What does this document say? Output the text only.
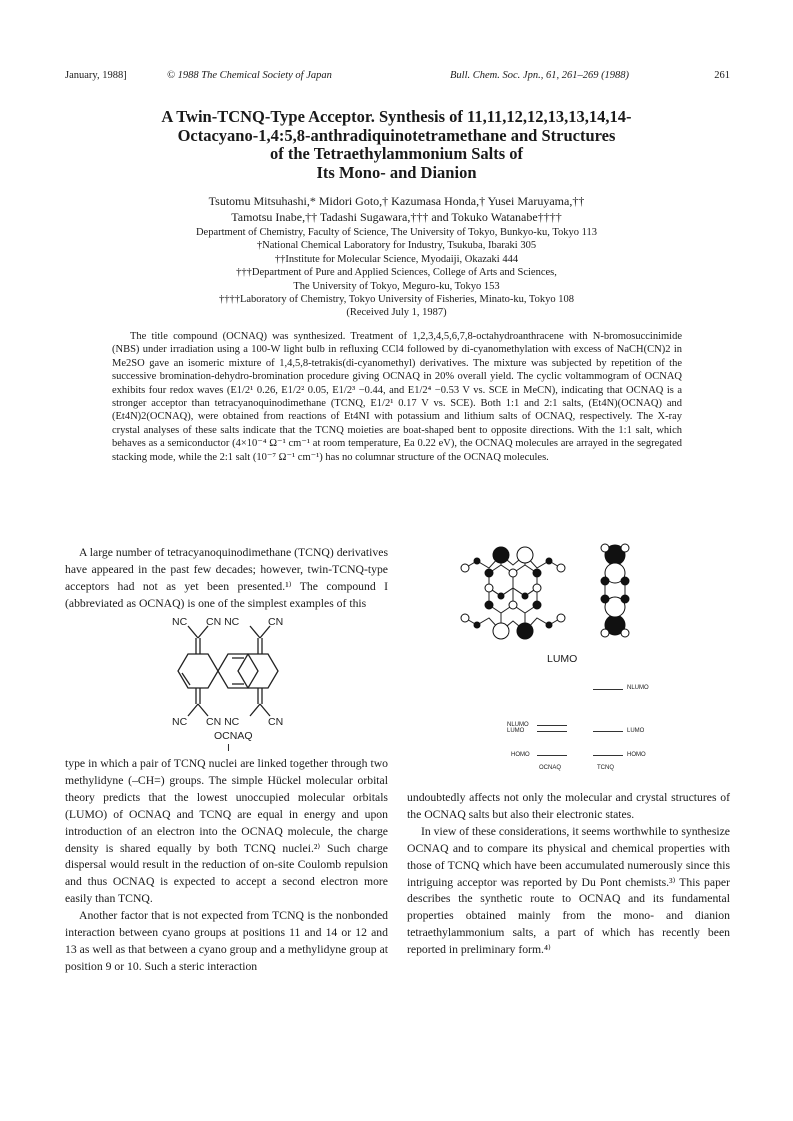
January, 1988]	© 1988 The Chemical Society of Japan	Bull. Chem. Soc. Jpn., 61, 261–269 (1988)	261
A Twin-TCNQ-Type Acceptor. Synthesis of 11,11,12,12,13,13,14,14-
Octacyano-1,4:5,8-anthradiquinotetramethane and Structures
of the Tetraethylammonium Salts of
Its Mono- and Dianion
Tsutomu Mitsuhashi,* Midori Goto,† Kazumasa Honda,† Yusei Maruyama,††
Tamotsu Inabe,†† Tadashi Sugawara,††† and Tokuko Watanabe††††
Department of Chemistry, Faculty of Science, The University of Tokyo, Bunkyo-ku, Tokyo 113
†National Chemical Laboratory for Industry, Tsukuba, Ibaraki 305
††Institute for Molecular Science, Myodaiji, Okazaki 444
†††Department of Pure and Applied Sciences, College of Arts and Sciences,
The University of Tokyo, Meguro-ku, Tokyo 153
††††Laboratory of Chemistry, Tokyo University of Fisheries, Minato-ku, Tokyo 108
(Received July 1, 1987)
The title compound (OCNAQ) was synthesized. Treatment of 1,2,3,4,5,6,7,8-octahydroanthracene with N-bromosuccinimide (NBS) under irradiation using a 100-W light bulb in refluxing CCl4 followed by di-cyanomethylation with excess of NaCH(CN)2 in Me2SO gave an isomeric mixture of 1,4,5,8-tetrakis(di-cyanomethyl) derivatives. The mixture was subjected by repetition of the successive bromination-dehydro-bromination procedure giving OCNAQ in 20% overall yield. The cyclic voltammogram of OCNAQ exhibits four redox waves (E1/2¹ 0.26, E1/2² 0.05, E1/2³ −0.44, and E1/2⁴ −0.53 V vs. SCE in MeCN), indicating that OCNAQ is a stronger acceptor than tetracyanoquinodimethane (TCNQ, E1/2¹ 0.17 V vs. SCE). Both 1:1 and 2:1 salts, (Et4N)(OCNAQ) and (Et4N)2(OCNAQ), were obtained from reactions of Et4NI with potassium and lithium salts of OCNAQ, respectively. The X-ray crystal analyses of these salts indicate that the TCNQ moieties are boat-shaped bent to opposite directions. With the 1:1 salt, which behaves as a semiconductor (4×10⁻⁴ Ω⁻¹ cm⁻¹ at room temperature, Ea 0.22 eV), the OCNAQ molecules are arrayed in the segregated stacking mode, while the 2:1 salt (10⁻⁷ Ω⁻¹ cm⁻¹) has no columnar structure of the OCNAQ molecules.

A large number of tetracyanoquinodimethane (TCNQ) derivatives have appeared in the past few decades; however, twin-TCNQ-type acceptors had not as yet been presented.¹⁾ The compound I (abbreviated as OCNAQ) is one of the simplest examples of this

NC CN NC	CN
NC CN NC	CN
OCNAQ
I

type in which a pair of TCNQ nuclei are linked together through two methylidyne (–CH=) groups. The simple Hückel molecular orbital theory predicts that the lowest unoccupied molecular orbitals (LUMO) of OCNAQ and TCNQ are equal in energy and upon introduction of an electron into the OCNAQ molecule, the charge density is shared equally by both TCNQ nuclei.²⁾ Such charge dispersal would result in the reduction of on-site Coulomb repulsion and thus OCNAQ is expected to accept a second electron more easily than TCNQ.

Another factor that is not expected from TCNQ is the nonbonded interaction between cyano groups at positions 11 and 14 or 12 and 13 as well as that between a cyano group and a methylidyne group at position 9 or 10. Such a steric interaction

LUMO
NLUMO
NLUMO
LUMO	LUMO
HOMO	HOMO
OCNAQ	TCNQ

undoubtedly affects not only the molecular and crystal structures of the OCNAQ salts but also their electronic states.

In view of these considerations, it seems worthwhile to synthesize OCNAQ and to compare its physical and chemical properties with those of TCNQ which have been accumulated numerously since this intriguing acceptor was reported by Du Pont chemists.³⁾ This paper describes the synthetic route to OCNAQ and its fundamental properties obtained mainly from the mono- and dianion tetraethylammonium salts, a part of which has recently been reported in preliminary form.⁴⁾
